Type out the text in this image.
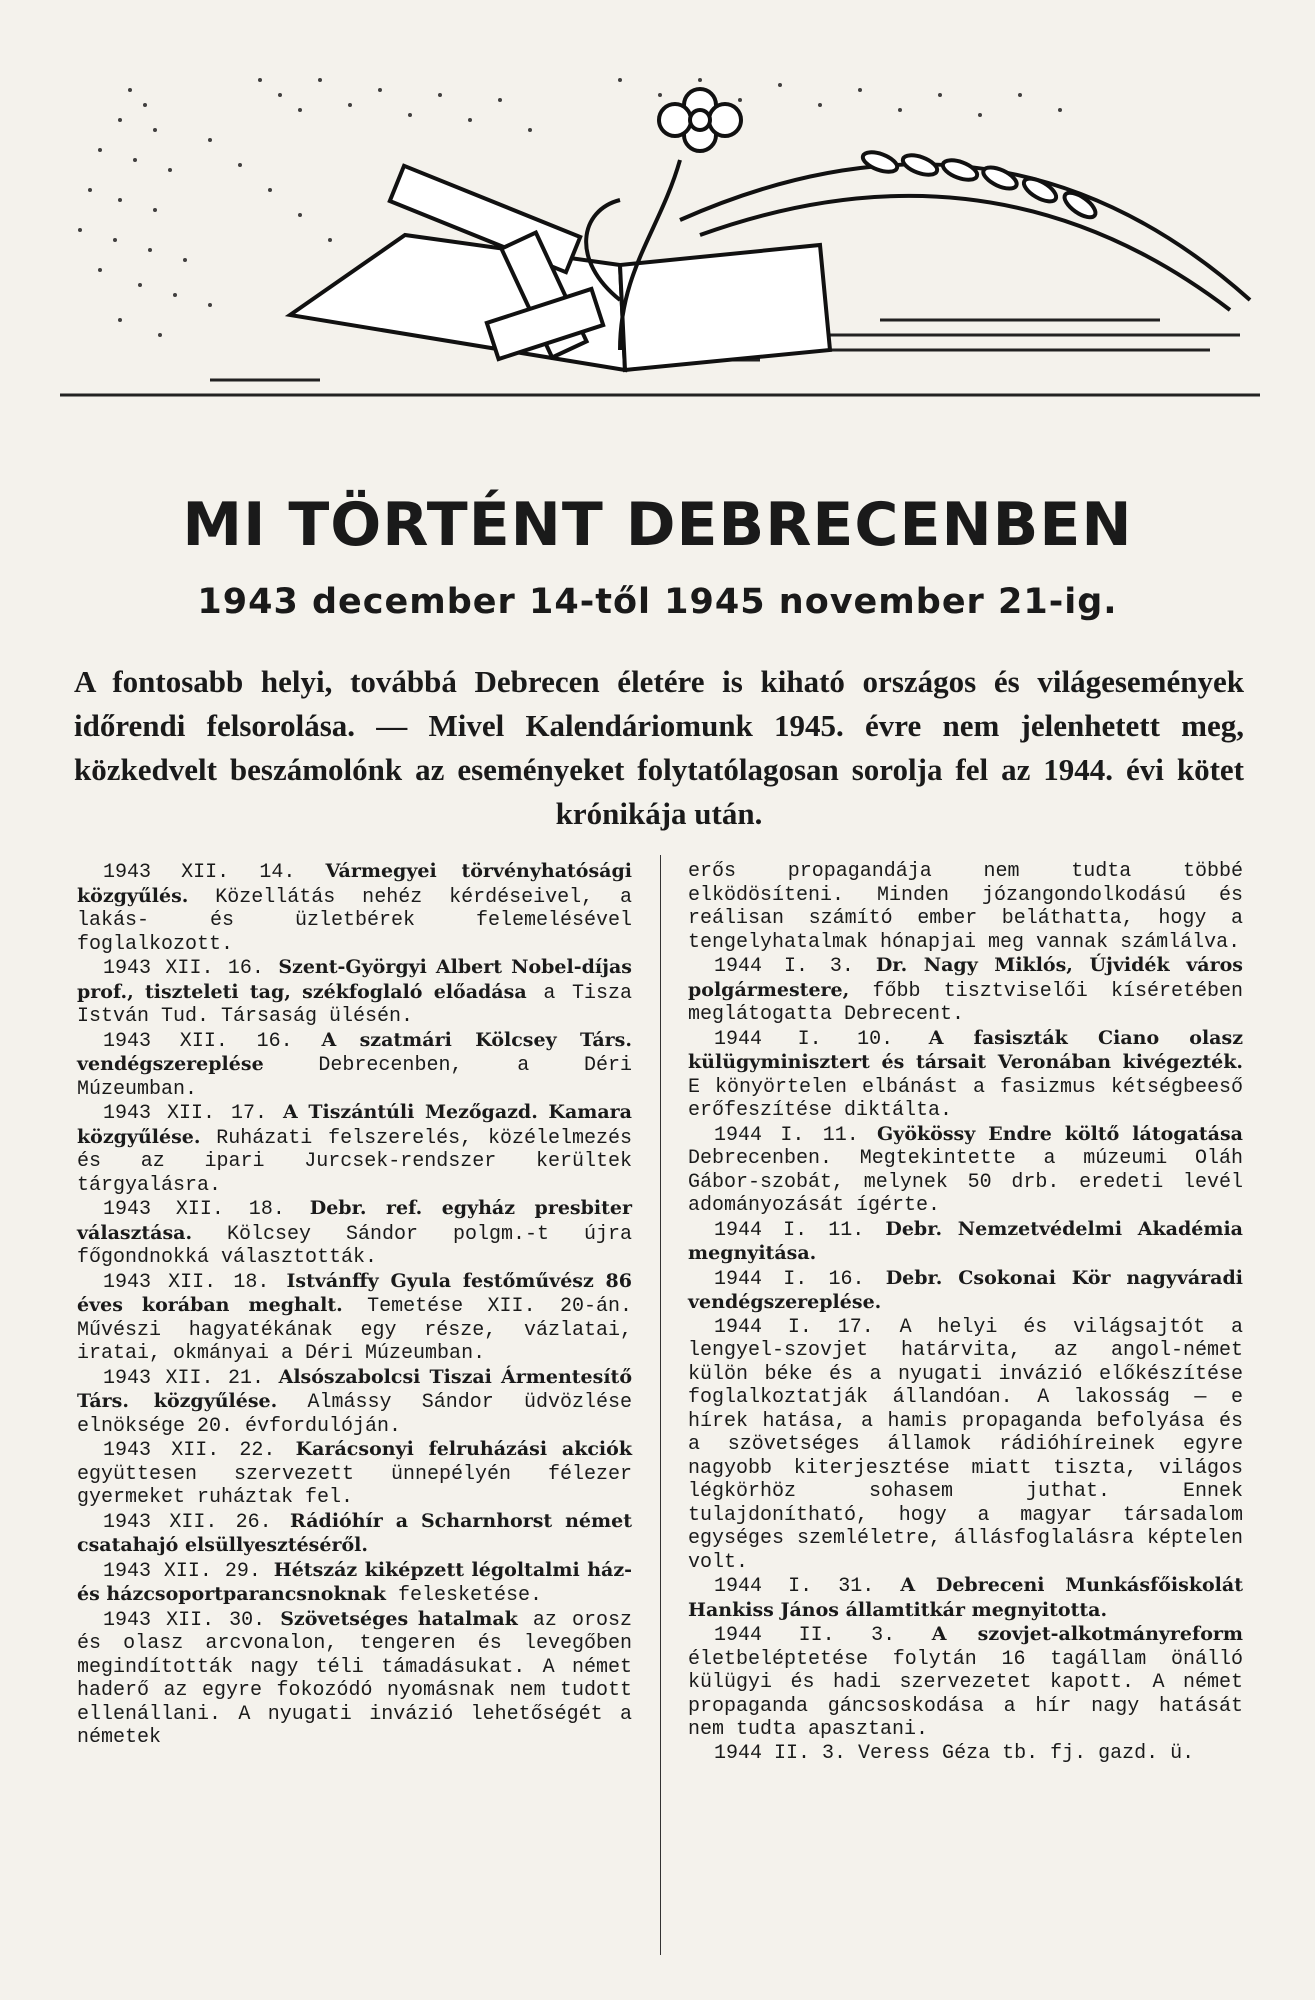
MI TÖRTÉNT DEBRECENBEN
1943 december 14-től 1945 november 21-ig.
A fontosabb helyi, továbbá Debrecen életére is kiható országos és világesemények időrendi felsorolása. — Mivel Kalendáriomunk 1945. évre nem jelenhetett meg, közkedvelt beszámolónk az eseményeket folytatólagosan sorolja fel az 1944. évi kötet krónikája után.

1943 XII. 14. Vármegyei törvényhatósági közgyűlés. Közellátás nehéz kérdéseivel, a lakás- és üzletbérek felemelésével foglalkozott.

1943 XII. 16. Szent-Györgyi Albert Nobel-díjas prof., tiszteleti tag, székfoglaló előadása a Tisza István Tud. Társaság ülésén.

1943 XII. 16. A szatmári Kölcsey Társ. vendégszereplése	Debrecenben, a Déri Múzeumban.

1943 XII. 17. A Tiszántúli Mezőgazd. Kamara közgyűlése. Ruházati felszerelés, közélelmezés és az ipari Jurcsek-rendszer kerültek tárgyalásra.

1943 XII. 18. Debr. ref. egyház presbiter választása. Kölcsey Sándor polgm.-t újra főgondnokká választották.

1943 XII. 18. Istvánffy Gyula festőművész 86 éves korában meghalt. Temetése XII. 20-án. Művészi hagyatékának egy része, vázlatai, iratai, okmányai a Déri Múzeumban.

1943 XII. 21. Alsószabolcsi Tiszai Ármentesítő Társ. közgyűlése. Almássy Sándor üdvözlése elnöksége 20. évfordulóján.

1943 XII. 22. Karácsonyi felruházási akciók együttesen szervezett ünnepélyén félezer gyermeket ruháztak fel.

1943 XII. 26. Rádióhír a Scharnhorst német csatahajó elsüllyesztéséről.

1943 XII. 29. Hétszáz kiképzett légoltalmi ház- és házcsoportparancsnoknak felesketése.

1943 XII. 30. Szövetséges hatalmak az orosz és olasz arcvonalon, tengeren és levegőben megindították nagy téli támadásukat. A német haderő az egyre fokozódó nyomásnak nem tudott ellenállani. A nyugati invázió lehetőségét a németek

erős propagandája nem tudta többé elködösíteni. Minden józangondolkodású és reálisan számító ember beláthatta, hogy a tengelyhatalmak hónapjai meg vannak számlálva.

1944 I. 3. Dr. Nagy Miklós, Újvidék város polgármestere, főbb tisztviselői kíséretében meglátogatta Debrecent.

1944 I. 10. A fasiszták Ciano olasz külügyminisztert és társait Veronában kivégezték. E könyörtelen elbánást a fasizmus kétségbeeső erőfeszítése diktálta.

1944 I. 11. Gyökössy Endre költő látogatása Debrecenben. Megtekintette a múzeumi Oláh Gábor-szobát, melynek 50 drb. eredeti levél adományozását ígérte.

1944 I. 11. Debr. Nemzetvédelmi Akadémia megnyitása.

1944 I. 16. Debr. Csokonai Kör nagyváradi vendégszereplése.

1944 I. 17. A helyi és világsajtót a lengyel-szovjet határvita, az angol-német külön béke és a nyugati invázió előkészítése foglalkoztatják állandóan. A lakosság — e hírek hatása, a hamis propaganda befolyása és a szövetséges államok rádióhíreinek egyre nagyobb kiterjesztése miatt tiszta, világos légkörhöz sohasem juthat. Ennek tulajdonítható, hogy a magyar társadalom egységes szemléletre, állásfoglalásra képtelen volt.

1944 I. 31. A Debreceni Munkásfőiskolát Hankiss János államtitkár megnyitotta.

1944 II. 3. A szovjet-alkotmányreform életbeléptetése folytán 16 tagállam önálló külügyi és hadi szervezetet kapott. A német propaganda gáncsoskodása a hír nagy hatását nem tudta apasztani.

1944 II. 3. Veress Géza tb. fj. gazd. ü.
